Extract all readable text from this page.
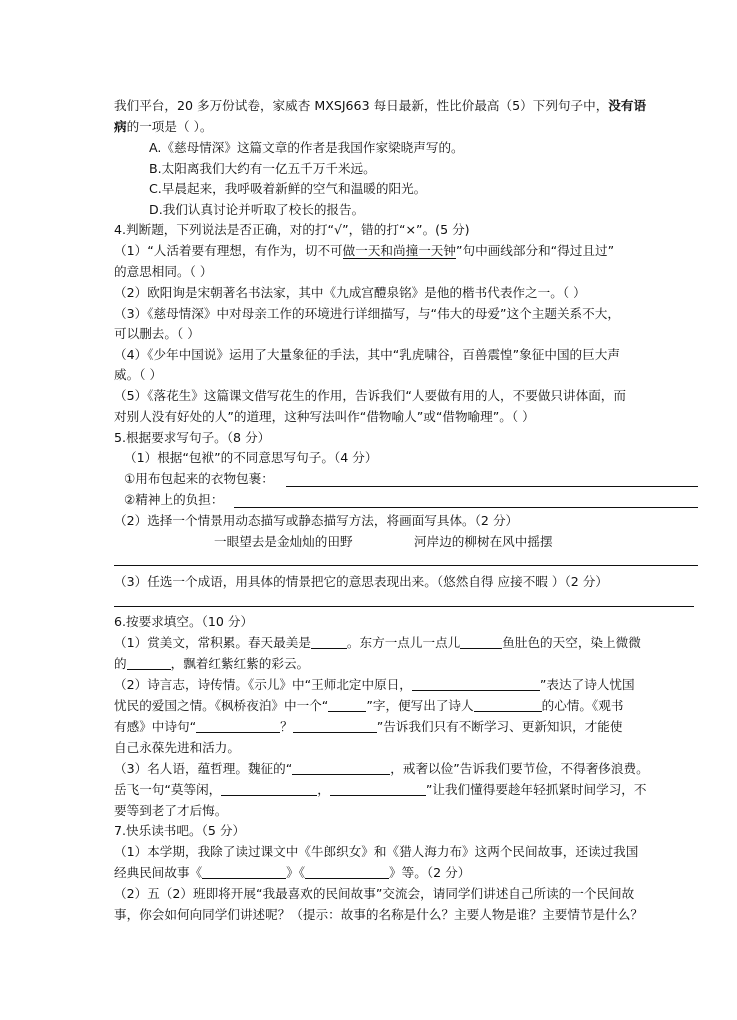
我们平台，20 多万份试卷，家威杏 MXSJ663 每日最新，性比价最高（5）下列句子中，没有语
病的一项是（ ）。
A.《慈母情深》这篇文章的作者是我国作家梁晓声写的。
B.太阳离我们大约有一亿五千万千米远。
C.早晨起来，我呼吸着新鲜的空气和温暖的阳光。
D.我们认真讨论并听取了校长的报告。
4.判断题，下列说法是否正确，对的打“√”，错的打“×”。(5 分)
（1）“人活着要有理想，有作为，切不可做一天和尚撞一天钟”句中画线部分和“得过且过”
的意思相同。（ ）
（2）欧阳询是宋朝著名书法家，其中《九成宫醴泉铭》是他的楷书代表作之一。（ ）
（3）《慈母情深》中对母亲工作的环境进行详细描写，与“伟大的母爱”这个主题关系不大，
可以删去。（ ）
（4）《少年中国说》运用了大量象征的手法，其中“乳虎啸谷，百兽震惶”象征中国的巨大声
威。（ ）
（5）《落花生》这篇课文借写花生的作用，告诉我们“人要做有用的人，不要做只讲体面，而
对别人没有好处的人”的道理，这种写法叫作“借物喻人”或“借物喻理”。（ ）
5.根据要求写句子。（8 分）
（1）根据“包袱”的不同意思写句子。（4 分）
①用布包起来的衣物包裹：
②精神上的负担：
（2）选择一个情景用动态描写或静态描写方法，将画面写具体。（2 分）
一眼望去是金灿灿的田野	河岸边的柳树在风中摇摆
（3）任选一个成语，用具体的情景把它的意思表现出来。（悠然自得 应接不暇 ）（2 分）
6.按要求填空。（10 分）
（1）赏美文，常积累。春天最美是	。东方一点儿一点儿	鱼肚色的天空，染上微微
的	，飘着红紫红紫的彩云。
（2）诗言志，诗传情。《示儿》中“王师北定中原日，	”表达了诗人忧国
忧民的爱国之情。《枫桥夜泊》中一个“	”字，便写出了诗人	的心情。《观书
有感》中诗句“	？	”告诉我们只有不断学习、更新知识，才能使
自己永葆先进和活力。
（3）名人语，蕴哲理。魏征的“	，戒奢以俭”告诉我们要节俭，不得奢侈浪费。
岳飞一句“莫等闲，	，	”让我们懂得要趁年轻抓紧时间学习，不
要等到老了才后悔。
7.快乐读书吧。（5 分）
（1）本学期，我除了读过课文中《牛郎织女》和《猎人海力布》这两个民间故事，还读过我国
经典民间故事《	》《	》等。（2 分）
（2）五（2）班即将开展“我最喜欢的民间故事”交流会，请同学们讲述自己所读的一个民间故
事，你会如何向同学们讲述呢？（提示：故事的名称是什么？主要人物是谁？主要情节是什么？
